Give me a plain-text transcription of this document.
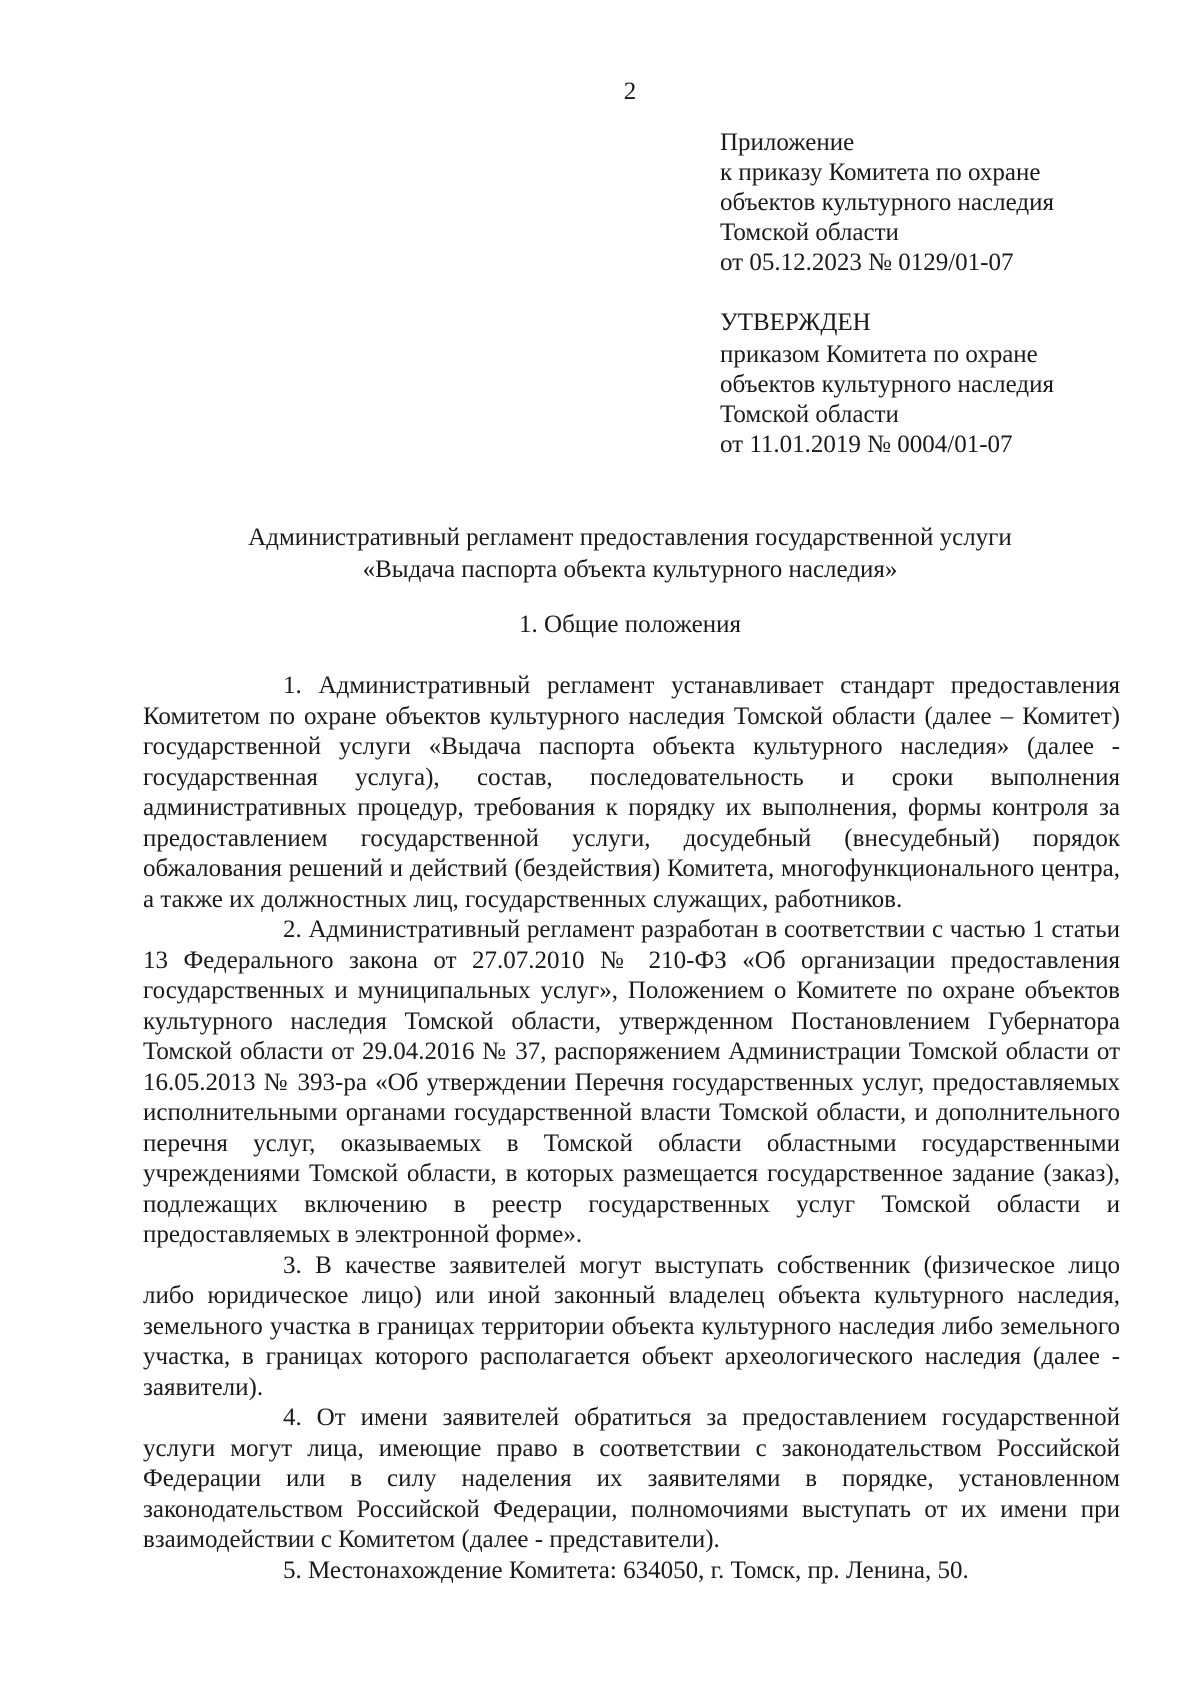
2
Приложение
к приказу Комитета по охране
объектов культурного наследия
Томской области
от 05.12.2023 № 0129/01-07
УТВЕРЖДЕН
приказом Комитета по охране
объектов культурного наследия
Томской области
от 11.01.2019 № 0004/01-07
Административный регламент предоставления государственной услуги
«Выдача паспорта объекта культурного наследия»
1. Общие положения

1. Административный регламент устанавливает стандарт предоставления Комитетом по охране объектов культурного наследия Томской области (далее – Комитет) государственной услуги «Выдача паспорта объекта культурного наследия» (далее - государственная услуга), состав, последовательность и сроки выполнения административных процедур, требования к порядку их выполнения, формы контроля за предоставлением государственной услуги, досудебный (внесудебный) порядок обжалования решений и действий (бездействия) Комитета, многофункционального центра, а также их должностных лиц, государственных служащих, работников.

2. Административный регламент разработан в соответствии с частью 1 статьи 13 Федерального закона от 27.07.2010 № 210-ФЗ «Об организации предоставления государственных и муниципальных услуг», Положением о Комитете по охране объектов культурного наследия Томской области, утвержденном Постановлением Губернатора Томской области от 29.04.2016 № 37, распоряжением Администрации Томской области от 16.05.2013 № 393-ра «Об утверждении Перечня государственных услуг, предоставляемых исполнительными органами государственной власти Томской области, и дополнительного перечня услуг, оказываемых в Томской области областными государственными учреждениями Томской области, в которых размещается государственное задание (заказ), подлежащих включению в реестр государственных услуг Томской области и предоставляемых в электронной форме».

3. В качестве заявителей могут выступать собственник (физическое лицо либо юридическое лицо) или иной законный владелец объекта культурного наследия, земельного участка в границах территории объекта культурного наследия либо земельного участка, в границах которого располагается объект археологического наследия (далее - заявители).

4. От имени заявителей обратиться за предоставлением государственной услуги могут лица, имеющие право в соответствии с законодательством Российской Федерации или в силу наделения их заявителями в порядке, установленном законодательством Российской Федерации, полномочиями выступать от их имени при взаимодействии с Комитетом (далее - представители).

5. Местонахождение Комитета: 634050, г. Томск, пр. Ленина, 50.
